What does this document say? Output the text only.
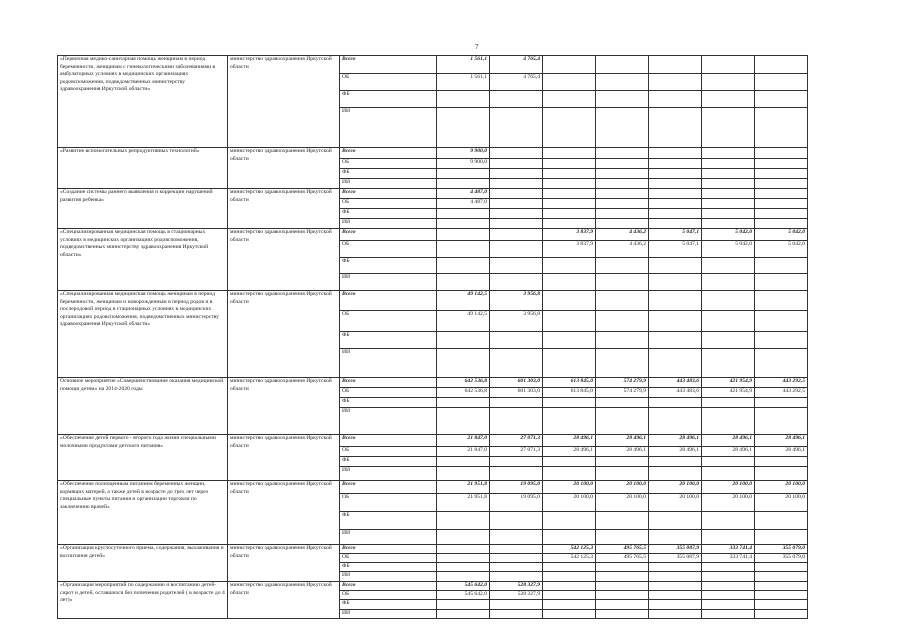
7
«Первичная медико-санитарная помощь женщинам в период беременности, женщинам с гинекологическими заболеваниями в амбулаторных условиях в медицинских организациях родовспоможения, подведомственных министерству здравоохранения Иркутской области»	министерство здравоохранения Иркутской области	Всего	1 561,1	4 765,4					
		ОБ	1 561,1	4 765,4					
		ФБ							
		ИИ							
«Развитие вспомогательных репродуктивных технологий»	министерство здравоохранения Иркутской области	Всего	9 900,0						
		ОБ	9 900,0						
		ФБ							
		ИИ							
«Создание системы раннего выявления и коррекции нарушений развития ребенка»	министерство здравоохранения Иркутской области	Всего	4 487,0						
		ОБ	4 487,0						
		ФБ							
		ИИ							
«Специализированная медицинская помощь в стационарных условиях в медицинских организациях родовспоможения, подведомственных министерству здравоохранения Иркутской области»	министерство здравоохранения Иркутской области	Всего			3 837,9	4 436,2	5 047,1	5 042,0	5 042,0
		ОБ			3 837,9	4 436,2	5 047,1	5 042,0	5 042,0
		ФБ							
		ИИ							
«Специализированная медицинская помощь женщинам в период беременности, женщинам и новорожденным в период родов и в послеродовой период в стационарных условиях в медицинских организациях родовспоможения, подведомственных министерству здравоохранения Иркутской области»	министерство здравоохранения Иркутской области	Всего	49 142,5	3 956,8					
		ОБ	49 142,5	3 956,8					
		ФБ							
		ИИ							
Основное мероприятие «Совершенствование оказания медицинской помощи детям» на 2014-2020 годы	министерство здравоохранения Иркутской области	Всего	642 536,8	601 303,0	613 845,0	574 279,9	443 483,6	421 954,9	443 292,5
		ОБ	642 536,8	601 303,0	613 845,0	574 279,9	443 483,6	421 954,9	443 292,5
		ФБ							
		ИИ							
«Обеспечение детей первого - второго года жизни специальными молочными продуктами детского питания»	министерство здравоохранения Иркутской области	Всего	21 847,0	27 071,3	28 496,1	28 496,1	28 496,1	28 496,1	28 496,1
		ОБ	21 847,0	27 071,3	28 496,1	28 496,1	28 496,1	28 496,1	28 496,1
		ФБ							
		ИИ							
«Обеспечение полноценным питанием беременных женщин, кормящих матерей, а также детей в возрасте до трех лет через специальные пункты питания и организации торговли по заключению врачей»	министерство здравоохранения Иркутской области	Всего	21 951,8	19 095,0	20 100,0	20 100,0	20 100,0	20 100,0	20 100,0
		ОБ	21 951,8	19 095,0	20 100,0	20 100,0	20 100,0	20 100,0	20 100,0
		ФБ							
		ИИ							
«Организация круглосуточного приема, содержания, выхаживания и воспитания детей»	министерство здравоохранения Иркутской области	Всего			542 125,3	495 765,5	355 087,9	333 741,4	355 079,0
		ОБ			542 125,3	495 765,5	355 087,9	333 741,4	355 079,0
		ФБ							
		ИИ							
«Организация мероприятий по содержанию и воспитанию детей-сирот и детей, оставшихся без попечения родителей ( в возрасте до 4 лет)»	министерство здравоохранения Иркутской области	Всего	545 642,0	528 327,9					
		ОБ	545 642,0	528 327,9					
		ФБ							
		ИИ							
